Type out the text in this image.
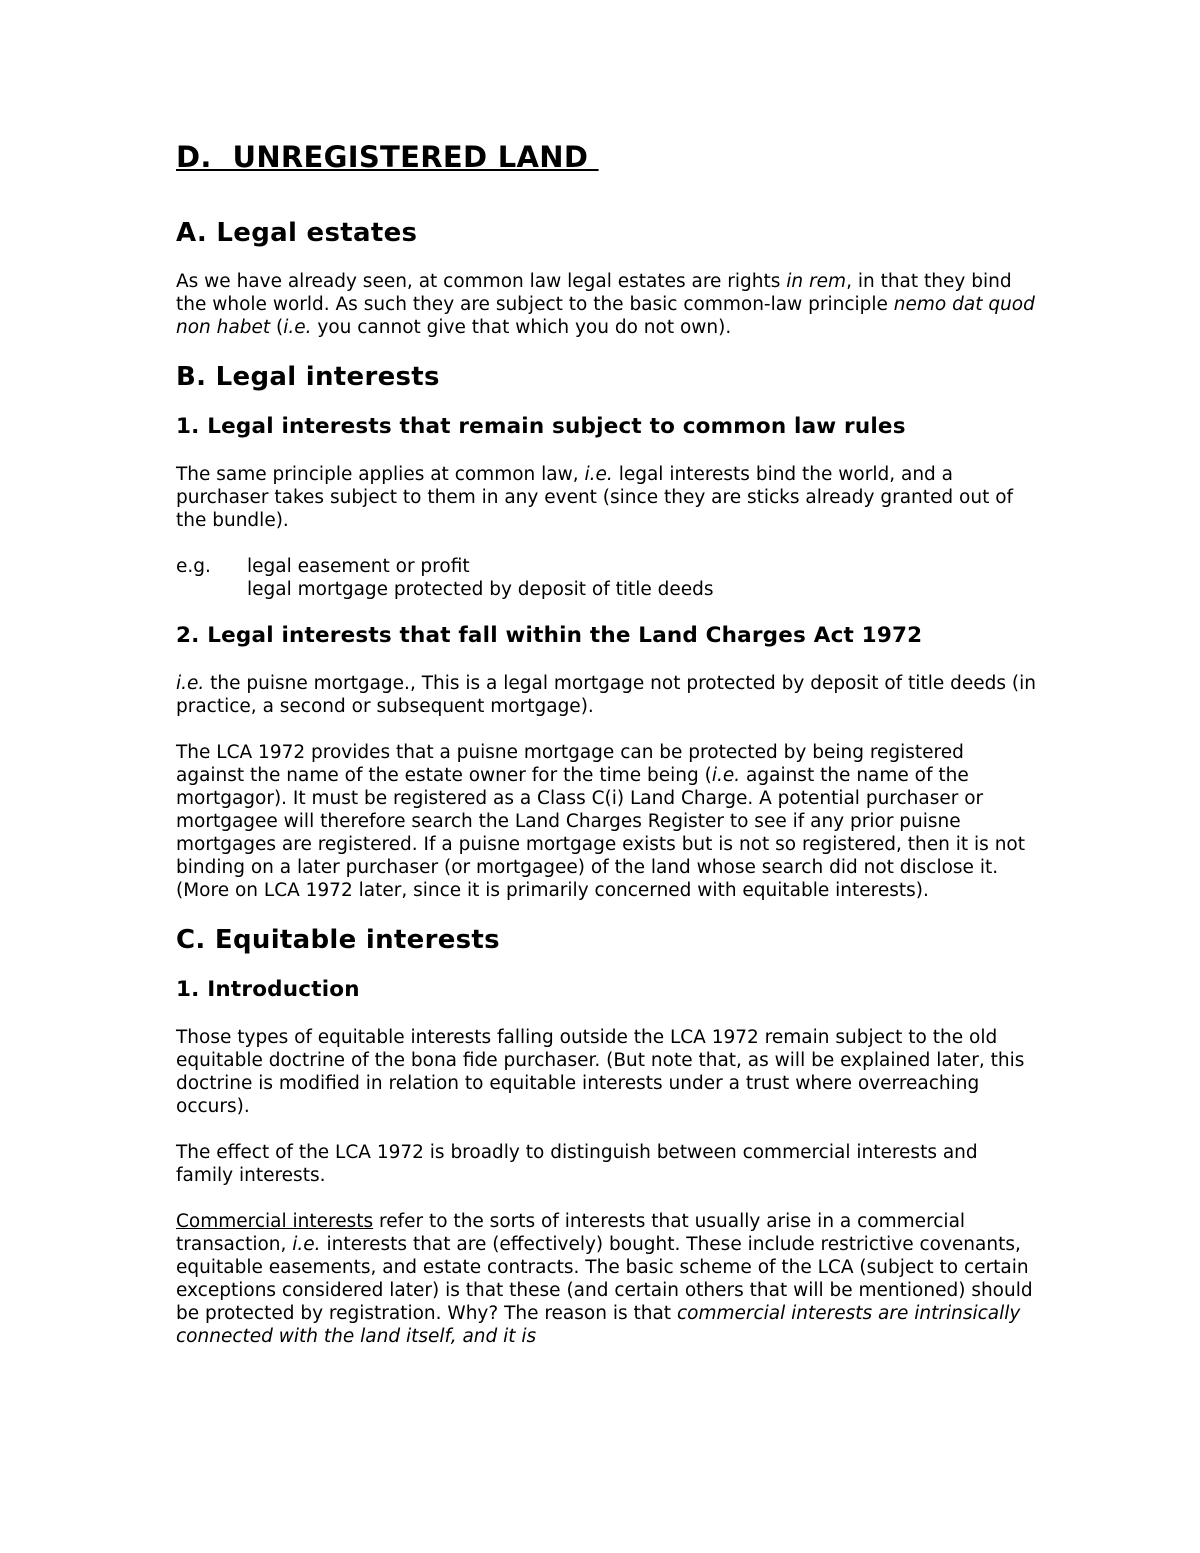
D.  UNREGISTERED LAND
A. Legal estates

As we have already seen, at common law legal estates are rights in rem, in that they bind the whole world. As such they are subject to the basic common-law principle nemo dat quod non habet (i.e. you cannot give that which you do not own).

B. Legal interests
1. Legal interests that remain subject to common law rules

The same principle applies at common law, i.e. legal interests bind the world, and a purchaser takes subject to them in any event (since they are sticks already granted out of the bundle).

e.g.	legal easement or profit
legal mortgage protected by deposit of title deeds
2. Legal interests that fall within the Land Charges Act 1972

i.e. the puisne mortgage., This is a legal mortgage not protected by deposit of title deeds (in practice, a second or subsequent mortgage).

The LCA 1972 provides that a puisne mortgage can be protected by being registered against the name of the estate owner for the time being (i.e. against the name of the mortgagor). It must be registered as a Class C(i) Land Charge. A potential purchaser or mortgagee will therefore search the Land Charges Register to see if any prior puisne mortgages are registered. If a puisne mortgage exists but is not so registered, then it is not binding on a later purchaser (or mortgagee) of the land whose search did not disclose it. (More on LCA 1972 later, since it is primarily concerned with equitable interests).

C. Equitable interests
1. Introduction

Those types of equitable interests falling outside the LCA 1972 remain subject to the old equitable doctrine of the bona fide purchaser. (But note that, as will be explained later, this doctrine is modified in relation to equitable interests under a trust where overreaching occurs).

The effect of the LCA 1972 is broadly to distinguish between commercial interests and family interests.

Commercial interests refer to the sorts of interests that usually arise in a commercial transaction, i.e. interests that are (effectively) bought. These include restrictive covenants, equitable easements, and estate contracts. The basic scheme of the LCA (subject to certain exceptions considered later) is that these (and certain others that will be mentioned) should be protected by registration. Why? The reason is that commercial interests are intrinsically connected with the land itself, and it is
